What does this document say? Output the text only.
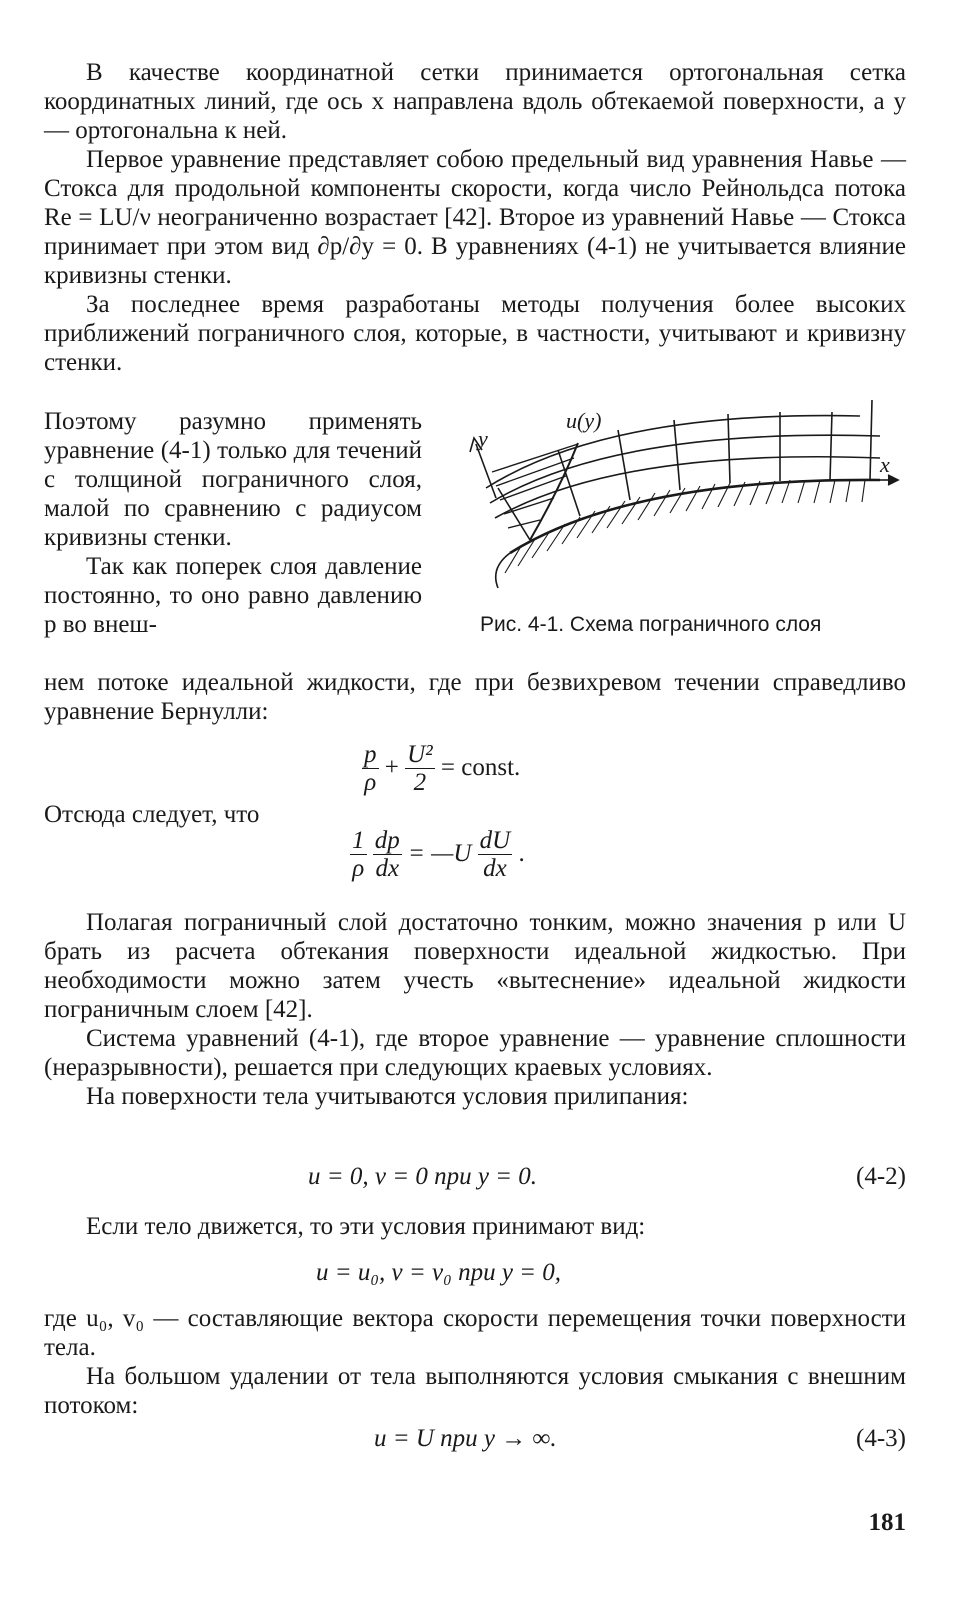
В качестве координатной сетки принимается ортогональная сетка координатных линий, где ось x направлена вдоль обтекаемой поверхности, а y — ортогональна к ней.

Первое уравнение представляет собою предельный вид уравнения Навье — Стокса для продольной компоненты скорости, когда число Рейнольдса потока Re = LU/ν неограниченно возрастает [42]. Второе из уравнений Навье — Стокса принимает при этом вид ∂p/∂y = 0. В уравнениях (4-1) не учитывается влияние кривизны стенки.

За последнее время разработаны методы получения более высоких приближений пограничного слоя, которые, в частности, учитывают и кривизну стенки.

Поэтому разумно применять уравнение (4-1) только для течений с толщиной пограничного слоя, малой по сравнению с радиусом кривизны стенки.

Так как поперек слоя давление постоянно, то оно равно давлению p во внеш-

u(y)
y
x
Рис. 4-1. Схема пограничного слоя

нем потоке идеальной жидкости, где при безвихревом течении справедливо уравнение Бернулли:

$\frac{p}{\rho} + \frac{\text{U²}}{2}$ = const.
Отсюда следует, что
$\frac{1}{\rho}$
$\frac{dp}{dx}$ = —U $\frac{dU}{dx}$ .

Полагая пограничный слой достаточно тонким, можно значения p или U брать из расчета обтекания поверхности идеальной жидкостью. При необходимости можно затем учесть «вытеснение» идеальной жидкости пограничным слоем [42].

Система уравнений (4-1), где второе уравнение — уравнение сплошности (неразрывности), решается при следующих краевых условиях.

На поверхности тела учитываются условия прилипания:

u = 0, v = 0 при y = 0.	(4-2)

Если тело движется, то эти условия принимают вид:

u = u₀, v = v₀ при y = 0,

где u₀, v₀ — составляющие вектора скорости перемещения точки поверхности тела.

На большом удалении от тела выполняются условия смыкания с внешним потоком:

u = U при y → ∞.	(4-3)
181
